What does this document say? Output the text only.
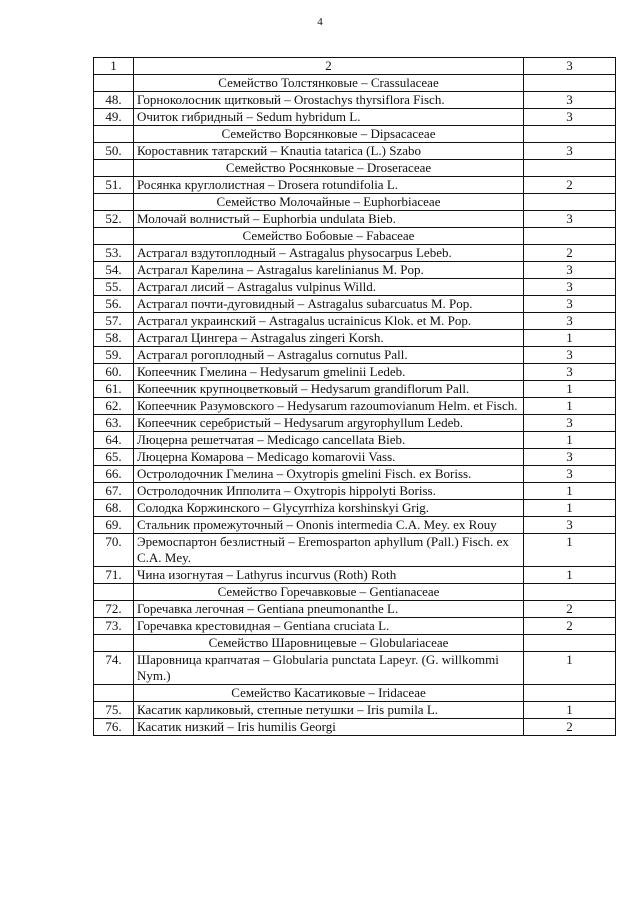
4
1	2	3
	Семейство Толстянковые – Crassulaceae	
48.	Горноколосник щитковый – Orostachys thyrsiflora Fisch.	3
49.	Очиток гибридный – Sedum hybridum L.	3
	Семейство Ворсянковые – Dipsacaceae	
50.	Короставник татарский – Knautia tatarica (L.) Szabo	3
	Семейство Росянковые – Droseraceae	
51.	Росянка круглолистная – Drosera rotundifolia L.	2
	Семейство Молочайные – Euphorbiaceae	
52.	Молочай волнистый – Euphorbia undulata Bieb.	3
	Семейство Бобовые – Fabaceae	
53.	Астрагал вздутоплодный – Astragalus physocarpus Lebeb.	2
54.	Астрагал Карелина – Astragalus karelinianus M. Pop.	3
55.	Астрагал лисий – Astragalus vulpinus Willd.	3
56.	Астрагал почти-дуговидный – Astragalus subarcuatus M. Pop.	3
57.	Астрагал украинский – Astragalus ucrainicus Klok. et M. Pop.	3
58.	Астрагал Цингера – Astragalus zingeri Korsh.	1
59.	Астрагал рогоплодный – Astragalus cornutus Pall.	3
60.	Копеечник Гмелина – Hedysarum gmelinii Ledeb.	3
61.	Копеечник крупноцветковый – Hedysarum grandiflorum Pall.	1
62.	Копеечник Разумовского – Hedysarum razoumovianum Helm. et Fisch.	1
63.	Копеечник серебристый – Hedysarum argyrophyllum Ledeb.	3
64.	Люцерна решетчатая – Medicago cancellata Bieb.	1
65.	Люцерна Комарова – Medicago komarovii Vass.	3
66.	Остролодочник Гмелина – Oxytropis gmelini Fisch. ex Boriss.	3
67.	Остролодочник Ипполита – Oxytropis hippolyti Boriss.	1
68.	Солодка Коржинского – Glycyrrhiza korshinskyi Grig.	1
69.	Стальник промежуточный – Ononis intermedia C.A. Mey. ex Rouy	3
70.	Эремоспартон безлистный – Eremosparton aphyllum (Pall.) Fisch. ex C.A. Mey.	1
71.	Чина изогнутая – Lathyrus incurvus (Roth) Roth	1
	Семейство Горечавковые – Gentianaceae	
72.	Горечавка легочная – Gentiana pneumonanthe L.	2
73.	Горечавка крестовидная – Gentiana cruciata L.	2
	Семейство Шаровницевые – Globulariaceae	
74.	Шаровница крапчатая – Globularia punctata Lapeyr. (G. willkommi Nym.)	1
	Семейство Касатиковые – Iridaceae	
75.	Касатик карликовый, степные петушки – Iris pumila L.	1
76.	Касатик низкий – Iris humilis Georgi	2
